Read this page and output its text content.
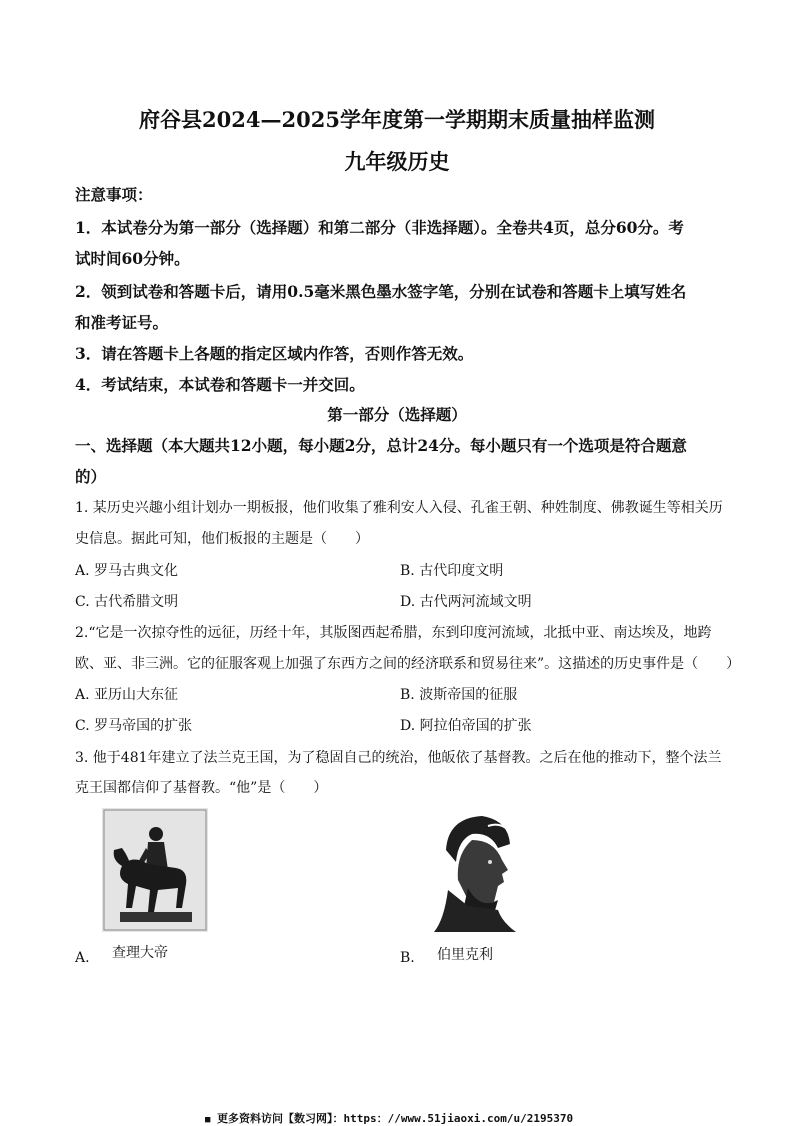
府谷县2024—2025学年度第一学期期末质量抽样监测
九年级历史
注意事项：
1．本试卷分为第一部分（选择题）和第二部分（非选择题）。全卷共4页，总分60分。考
试时间60分钟。
2．领到试卷和答题卡后，请用0.5毫米黑色墨水签字笔，分别在试卷和答题卡上填写姓名
和准考证号。
3．请在答题卡上各题的指定区域内作答，否则作答无效。
4．考试结束，本试卷和答题卡一并交回。
第一部分（选择题）
一、选择题（本大题共12小题，每小题2分，总计24分。每小题只有一个选项是符合题意
的）
1. 某历史兴趣小组计划办一期板报，他们收集了雅利安人入侵、孔雀王朝、种姓制度、佛教诞生等相关历
史信息。据此可知，他们板报的主题是（　　）
A. 罗马古典文化	B. 古代印度文明
C. 古代希腊文明	D. 古代两河流域文明
2.“它是一次掠夺性的远征，历经十年，其版图西起希腊，东到印度河流域，北抵中亚、南达埃及，地跨
欧、亚、非三洲。它的征服客观上加强了东西方之间的经济联系和贸易往来”。这描述的历史事件是（　　）
A. 亚历山大东征	B. 波斯帝国的征服
C. 罗马帝国的扩张	D. 阿拉伯帝国的扩张
3. 他于481年建立了法兰克王国，为了稳固自己的统治，他皈依了基督教。之后在他的推动下，整个法兰
克王国都信仰了基督教。“他”是（　　）
A. 查理大帝	B. 伯里克利
■ 更多资料访问【数习网】：https：//www.51jiaoxi.com/u/2195370
